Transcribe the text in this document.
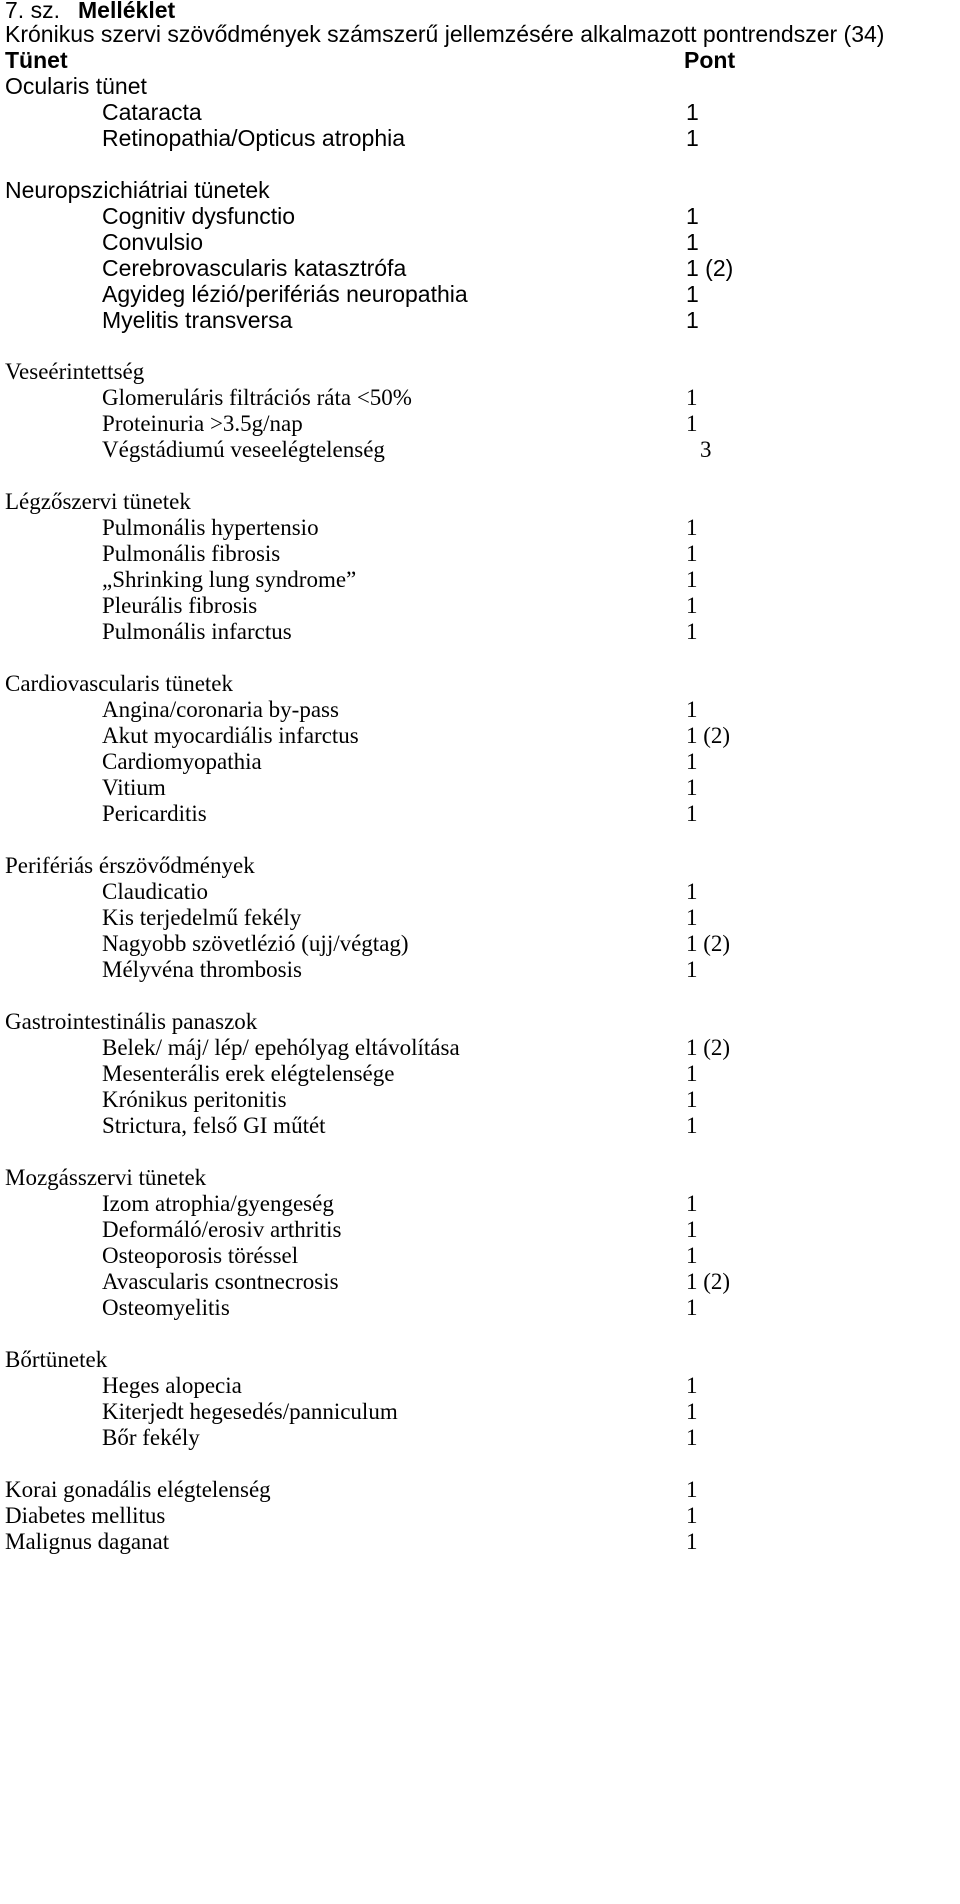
7. sz. Melléklet
Krónikus szervi szövődmények számszerű jellemzésére alkalmazott pontrendszer (34)
Tünet	Pont
Ocularis tünet
Cataracta	1
Retinopathia/Opticus atrophia	1
Neuropszichiátriai tünetek
Cognitiv dysfunctio	1
Convulsio	1
Cerebrovascularis katasztrófa	1 (2)
Agyideg lézió/perifériás neuropathia	1
Myelitis transversa	1
Veseérintettség
Glomeruláris filtrációs ráta <50%	1
Proteinuria >3.5g/nap	1
Végstádiumú veseelégtelenség	3
Légzőszervi tünetek
Pulmonális hypertensio	1
Pulmonális fibrosis	1
„Shrinking lung syndrome”	1
Pleurális fibrosis	1
Pulmonális infarctus	1
Cardiovascularis tünetek
Angina/coronaria by-pass	1
Akut myocardiális infarctus	1 (2)
Cardiomyopathia	1
Vitium	1
Pericarditis	1
Perifériás érszövődmények
Claudicatio	1
Kis terjedelmű fekély	1
Nagyobb szövetlézió (ujj/végtag)	1 (2)
Mélyvéna thrombosis	1
Gastrointestinális panaszok
Belek/ máj/ lép/ epehólyag eltávolítása	1 (2)
Mesenterális erek elégtelensége	1
Krónikus peritonitis	1
Strictura, felső GI műtét	1
Mozgásszervi tünetek
Izom atrophia/gyengeség	1
Deformáló/erosiv arthritis	1
Osteoporosis töréssel	1
Avascularis csontnecrosis	1 (2)
Osteomyelitis	1
Bőrtünetek
Heges alopecia	1
Kiterjedt hegesedés/panniculum	1
Bőr fekély	1
Korai gonadális elégtelenség	1
Diabetes mellitus	1
Malignus daganat	1
